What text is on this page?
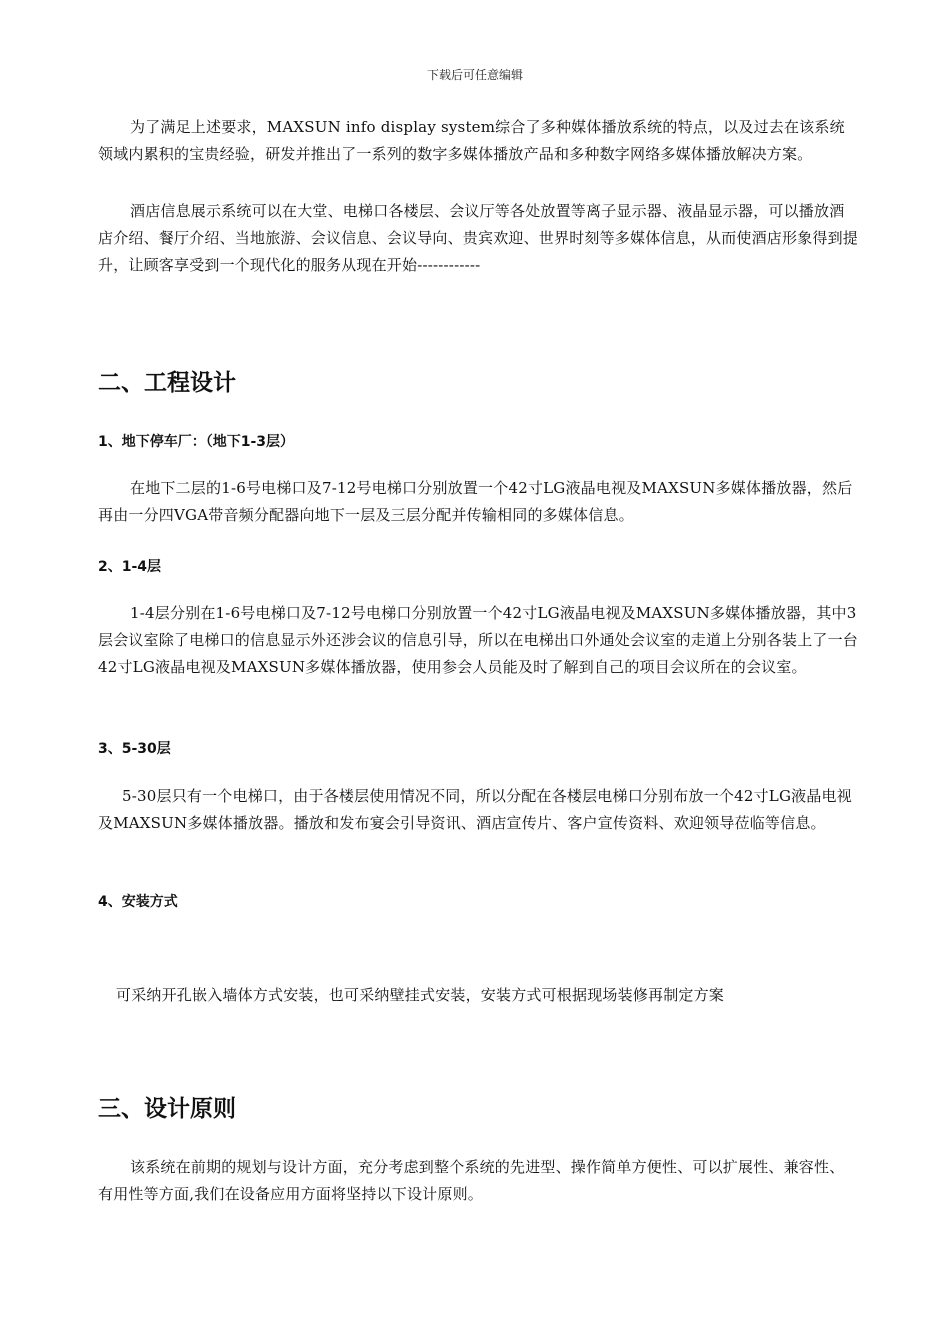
下载后可任意编辑

为了满足上述要求，MAXSUN info display system综合了多种媒体播放系统的特点，以及过去在该系统领域内累积的宝贵经验，研发并推出了一系列的数字多媒体播放产品和多种数字网络多媒体播放解决方案。

酒店信息展示系统可以在大堂、电梯口各楼层、会议厅等各处放置等离子显示器、液晶显示器，可以播放酒店介绍、餐厅介绍、当地旅游、会议信息、会议导向、贵宾欢迎、世界时刻等多媒体信息，从而使酒店形象得到提升，让顾客享受到一个现代化的服务从现在开始------------

二、工程设计
1、地下停车厂：（地下1-3层）

在地下二层的1-6号电梯口及7-12号电梯口分别放置一个42寸LG液晶电视及MAXSUN多媒体播放器，然后再由一分四VGA带音频分配器向地下一层及三层分配并传输相同的多媒体信息。

2、1-4层

1-4层分别在1-6号电梯口及7-12号电梯口分别放置一个42寸LG液晶电视及MAXSUN多媒体播放器，其中3层会议室除了电梯口的信息显示外还涉会议的信息引导，所以在电梯出口外通处会议室的走道上分别各装上了一台42寸LG液晶电视及MAXSUN多媒体播放器，使用参会人员能及时了解到自己的项目会议所在的会议室。

3、5-30层

5-30层只有一个电梯口，由于各楼层使用情况不同，所以分配在各楼层电梯口分别布放一个42寸LG液晶电视及MAXSUN多媒体播放器。播放和发布宴会引导资讯、酒店宣传片、客户宣传资料、欢迎领导莅临等信息。

4、安装方式

可采纳开孔嵌入墙体方式安装，也可采纳壁挂式安装，安装方式可根据现场装修再制定方案

三、设计原则

该系统在前期的规划与设计方面，充分考虑到整个系统的先进型、操作简单方便性、可以扩展性、兼容性、有用性等方面,我们在设备应用方面将坚持以下设计原则。
